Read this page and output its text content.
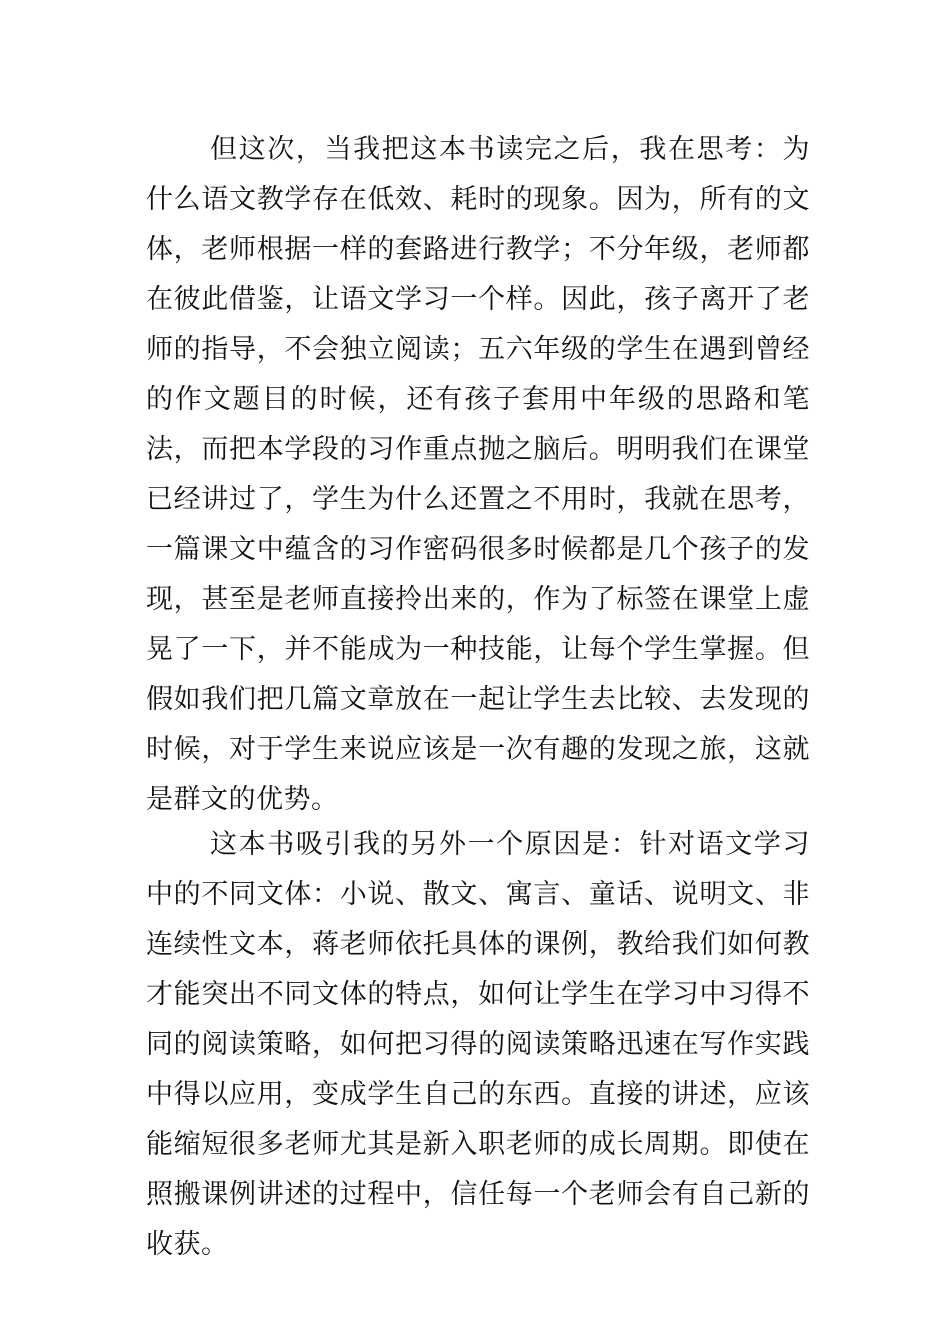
但这次，当我把这本书读完之后，我在思考：为什么语文教学存在低效、耗时的现象。因为，所有的文体，老师根据一样的套路进行教学；不分年级，老师都在彼此借鉴，让语文学习一个样。因此，孩子离开了老师的指导，不会独立阅读；五六年级的学生在遇到曾经的作文题目的时候，还有孩子套用中年级的思路和笔法，而把本学段的习作重点抛之脑后。明明我们在课堂已经讲过了，学生为什么还置之不用时，我就在思考，一篇课文中蕴含的习作密码很多时候都是几个孩子的发现，甚至是老师直接拎出来的，作为了标签在课堂上虚晃了一下，并不能成为一种技能，让每个学生掌握。但假如我们把几篇文章放在一起让学生去比较、去发现的时候，对于学生来说应该是一次有趣的发现之旅，这就是群文的优势。

这本书吸引我的另外一个原因是：针对语文学习中的不同文体：小说、散文、寓言、童话、说明文、非连续性文本，蒋老师依托具体的课例，教给我们如何教才能突出不同文体的特点，如何让学生在学习中习得不同的阅读策略，如何把习得的阅读策略迅速在写作实践中得以应用，变成学生自己的东西。直接的讲述，应该能缩短很多老师尤其是新入职老师的成长周期。即使在照搬课例讲述的过程中，信任每一个老师会有自己新的收获。
